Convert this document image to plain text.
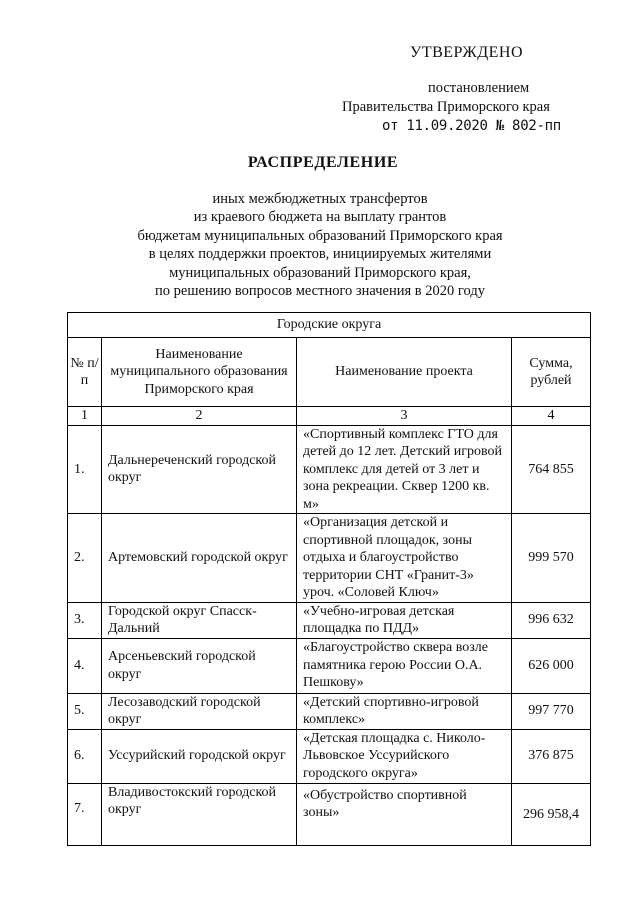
УТВЕРЖДЕНО
постановлением
Правительства Приморского края
от 11.09.2020 № 802-пп
РАСПРЕДЕЛЕНИЕ
иных межбюджетных трансфертов
из краевого бюджета на выплату грантов
бюджетам муниципальных образований Приморского края
в целях поддержки проектов, инициируемых жителями
муниципальных образований Приморского края,
по решению вопросов местного значения в 2020 году
Городские округа			
№ п/п	Наименование муниципального образования Приморского края	Наименование проекта	Сумма, рублей
1	2	3	4
1.	Дальнереченский городской округ	«Спортивный комплекс ГТО для детей до 12 лет. Детский игровой комплекс для детей от 3 лет и зона рекреации. Сквер 1200 кв. м»	764 855
2.	Артемовский городской округ	«Организация детской и спортивной площадок, зоны отдыха и благоустройство территории СНТ «Гранит-3» уроч. «Соловей Ключ»	999 570
3.	Городской округ Спасск-Дальний	«Учебно-игровая детская площадка по ПДД»	996 632
4.	Арсеньевский городской округ	«Благоустройство сквера возле памятника герою России О.А. Пешкову»	626 000
5.	Лесозаводский городской округ	«Детский спортивно-игровой комплекс»	997 770
6.	Уссурийский городской округ	«Детская площадка с. Николо-Львовское Уссурийского городского округа»	376 875
7.	Владивостокский городской округ	«Обустройство спортивной зоны»	296 958,4
